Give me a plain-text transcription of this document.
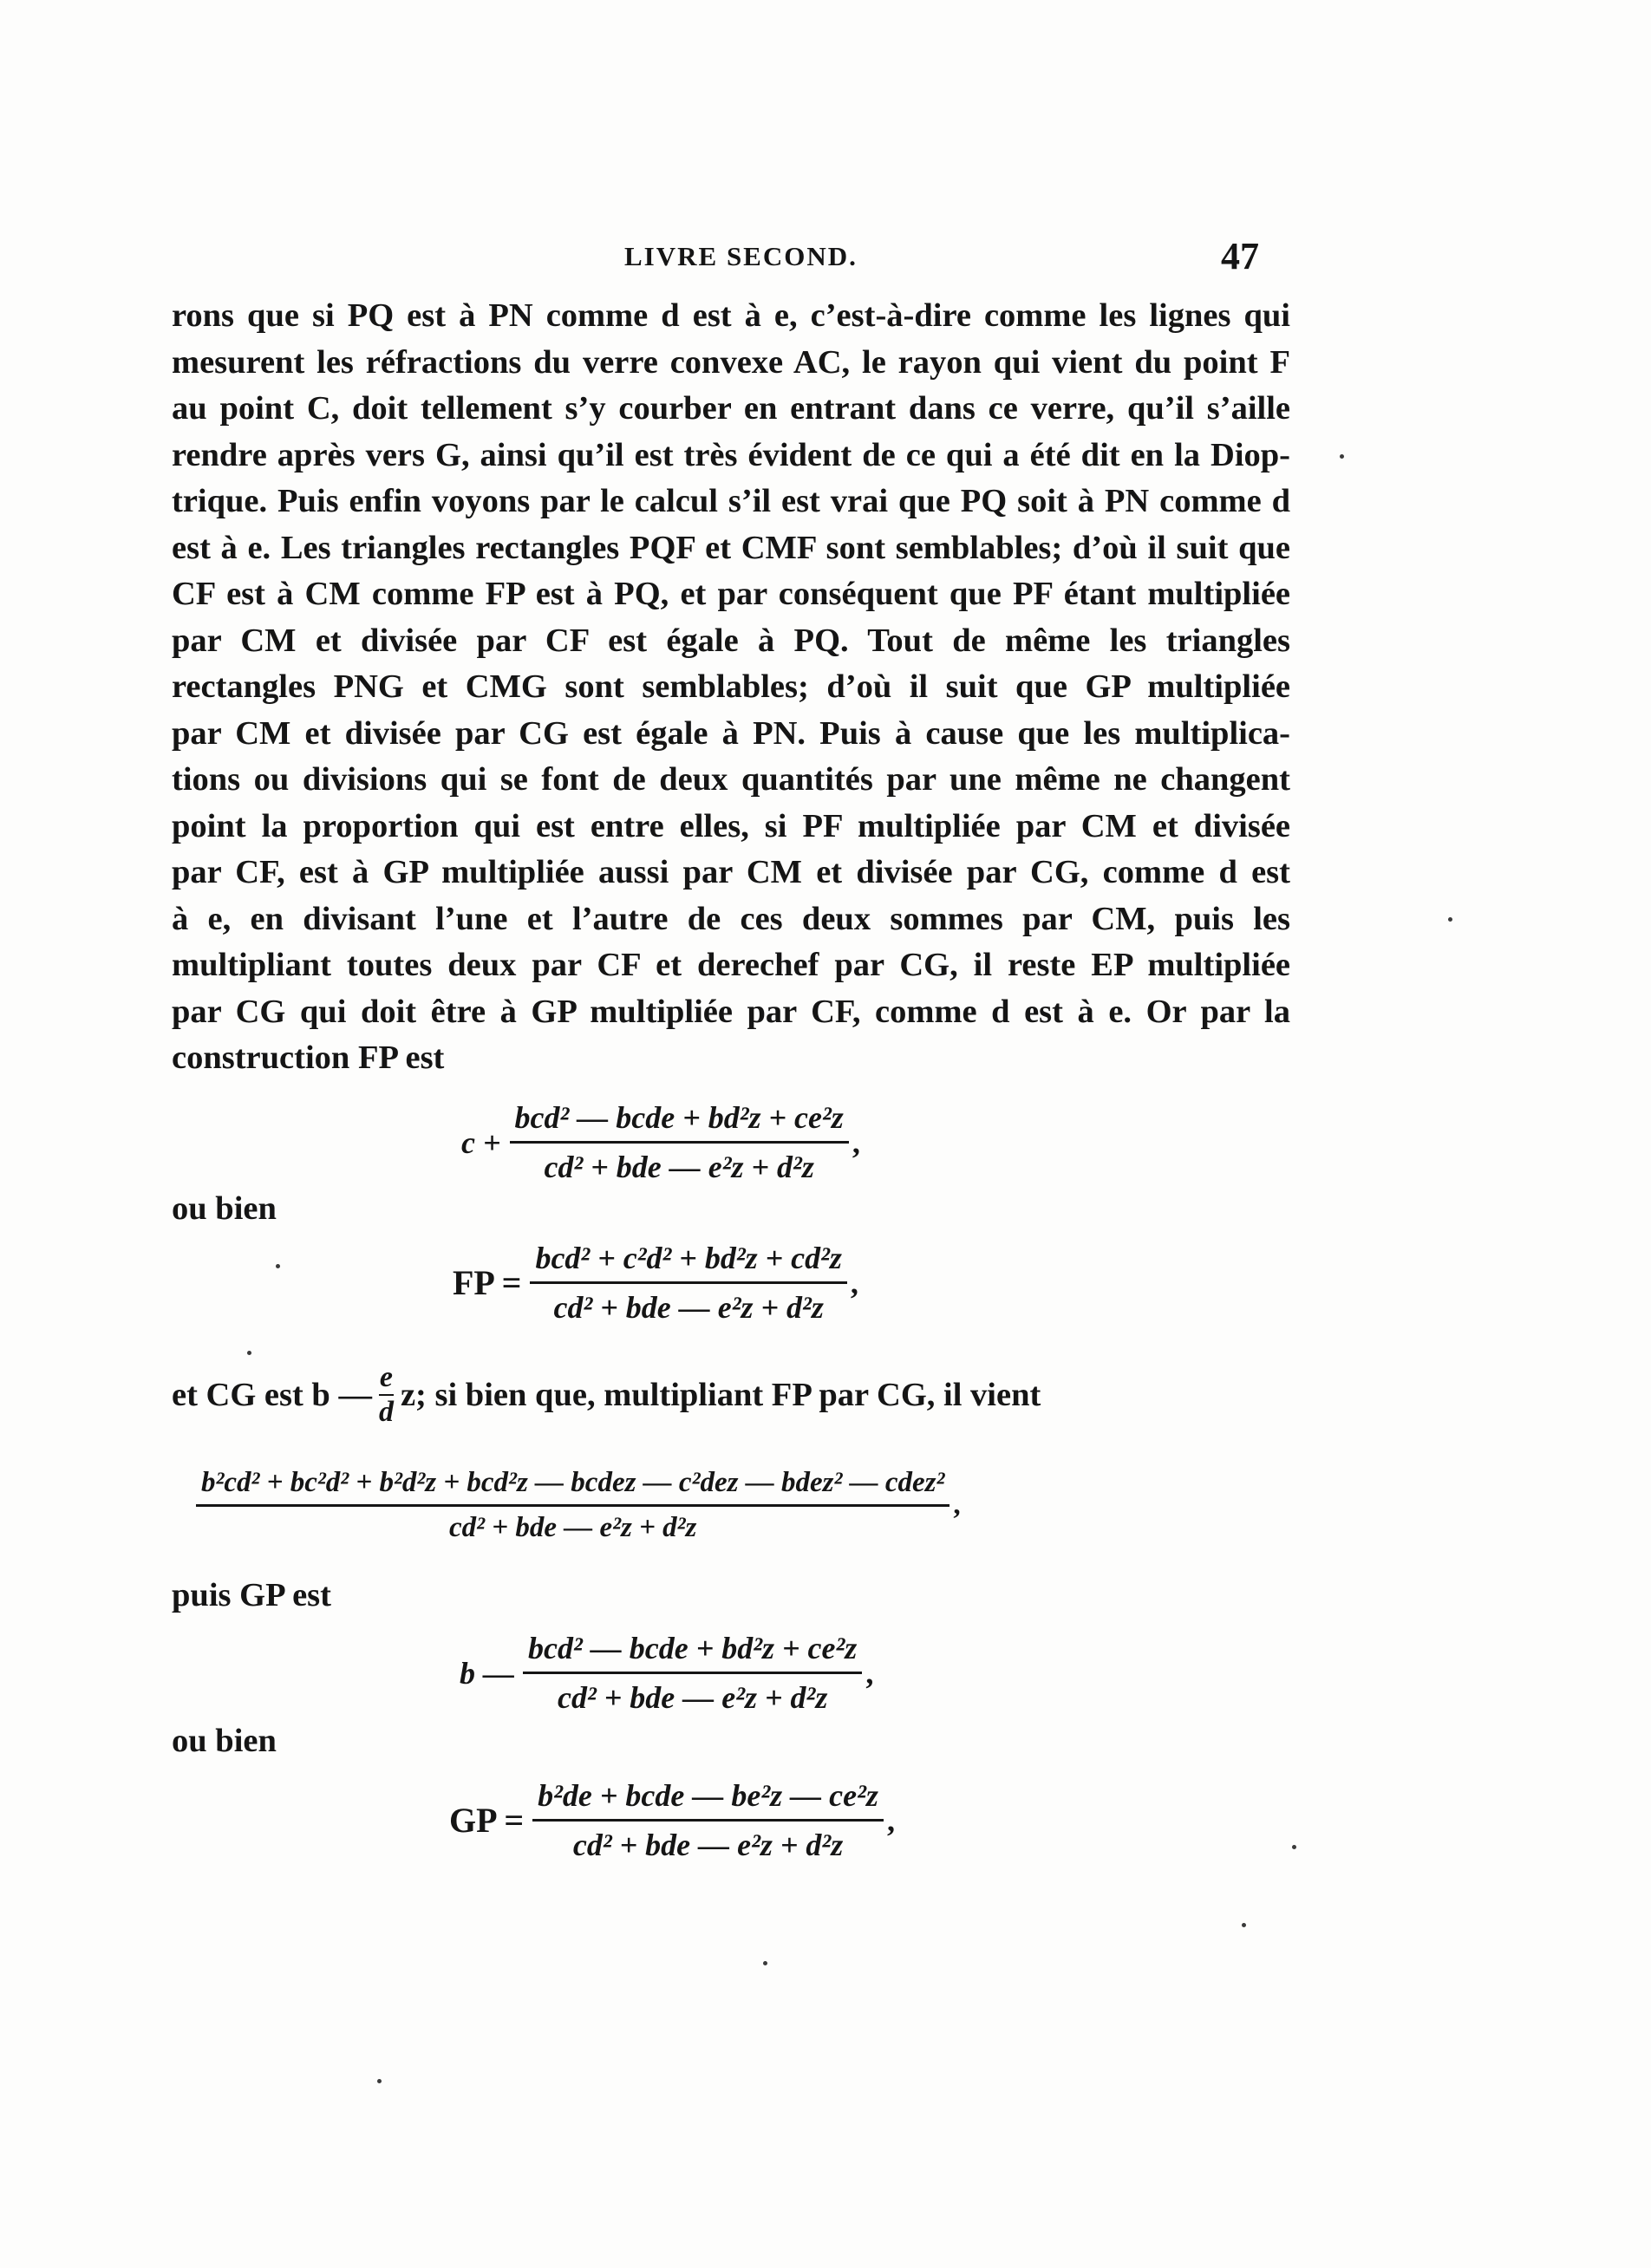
LIVRE SECOND.	47
rons que si PQ est à PN comme d est à e, c’est-à-dire comme les lignes qui
mesurent les réfractions du verre convexe AC, le rayon qui vient du point F
au point C, doit tellement s’y courber en entrant dans ce verre, qu’il s’aille
rendre après vers G, ainsi qu’il est très évident de ce qui a été dit en la Diop-
trique. Puis enfin voyons par le calcul s’il est vrai que PQ soit à PN comme d
est à e. Les triangles rectangles PQF et CMF sont semblables; d’où il suit que
CF est à CM comme FP est à PQ, et par conséquent que PF étant multipliée
par CM et divisée par CF est égale à PQ. Tout de même les triangles
rectangles PNG et CMG sont semblables; d’où il suit que GP multipliée
par CM et divisée par CG est égale à PN. Puis à cause que les multiplica-
tions ou divisions qui se font de deux quantités par une même ne changent
point la proportion qui est entre elles, si PF multipliée par CM et divisée
par CF, est à GP multipliée aussi par CM et divisée par CG, comme d est
à e, en divisant l’une et l’autre de ces deux sommes par CM, puis les
multipliant toutes deux par CF et derechef par CG, il reste EP multipliée
par CG qui doit être à GP multipliée par CF, comme d est à e. Or par la
construction FP est
$c + \frac{\text{bcd² — bcde + bd²z + ce²z}}{\text{cd² + bde — e²z + d²z}}$ ,
ou bien
FP = $\frac{\text{bcd² + c²d² + bd²z + cd²z}}{\text{cd² + bde — e²z + d²z}}$ ,
et CG est b — $\frac{e}{d} z$; si bien que, multipliant FP par CG, il vient
b²cd² + bc²d² + b²d²z + bcd²z — bcdez — c²dez — bdez² — cdez²
cd² + bde — e²z + d²z
,
puis GP est
b — $\frac{\text{bcd² — bcde + bd²z + ce²z}}{\text{cd² + bde — e²z + d²z}}$ ,
ou bien
GP = $\frac{\text{b²de + bcde — be²z — ce²z}}{\text{cd² + bde — e²z + d²z}}$ ,
